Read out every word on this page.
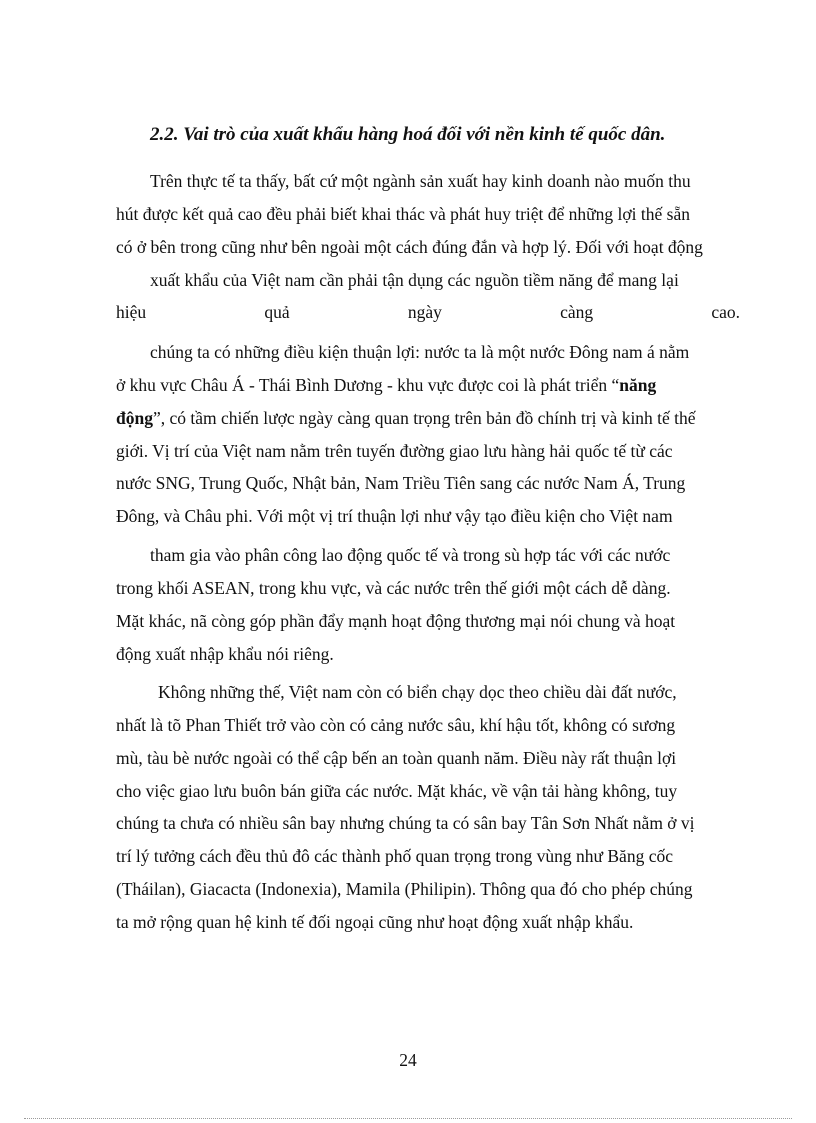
2.2. Vai trò của xuất khẩu hàng hoá đối với nền kinh tế quốc dân.
Trên thực tế ta thấy, bất cứ một ngành sản xuất hay kinh doanh nào muốn thu
hút được kết quả cao đều phải biết khai thác và phát huy triệt để những lợi thế sẵn
có ở bên trong cũng như bên ngoài một cách đúng đắn và hợp lý. Đối với hoạt động
xuất khẩu của Việt nam cần phải tận dụng các nguồn tiềm năng để mang lại
hiệu	quả	ngày	càng	cao.
chúng ta có những điều kiện thuận lợi: nước ta là một nước Đông nam á nằm
ở khu vực Châu Á - Thái Bình Dương - khu vực được coi là phát triển “năng
động”, có tầm chiến lược ngày càng quan trọng trên bản đồ chính trị và kinh tế thế
giới. Vị trí của Việt nam nằm trên tuyến đường giao lưu hàng hải quốc tế từ các
nước SNG, Trung Quốc, Nhật bản, Nam Triều Tiên sang các nước Nam Á, Trung
Đông, và Châu phi. Với một vị trí thuận lợi như vậy tạo điều kiện cho Việt nam
tham gia vào phân công lao động quốc tế và trong sù hợp tác với các nước
trong khối ASEAN, trong khu vực, và các nước trên thế giới một cách dễ dàng.
Mặt khác, nã còng góp phần đẩy mạnh hoạt động thương mại nói chung và hoạt
động xuất nhập khẩu nói riêng.
Không những thế, Việt nam còn có biển chạy dọc theo chiều dài đất nước,
nhất là tõ Phan Thiết trở vào còn có cảng nước sâu, khí hậu tốt, không có sương
mù, tàu bè nước ngoài có thể cập bến an toàn quanh năm. Điều này rất thuận lợi
cho việc giao lưu buôn bán giữa các nước. Mặt khác, về vận tải hàng không, tuy
chúng ta chưa có nhiều sân bay nhưng chúng ta có sân bay Tân Sơn Nhất nằm ở vị
trí lý tưởng cách đều thủ đô các thành phố quan trọng trong vùng như Băng cốc
(Tháilan), Giacacta (Indonexia), Mamila (Philipin). Thông qua đó cho phép chúng
ta mở rộng quan hệ kinh tế đối ngoại cũng như hoạt động xuất nhập khẩu.
24
